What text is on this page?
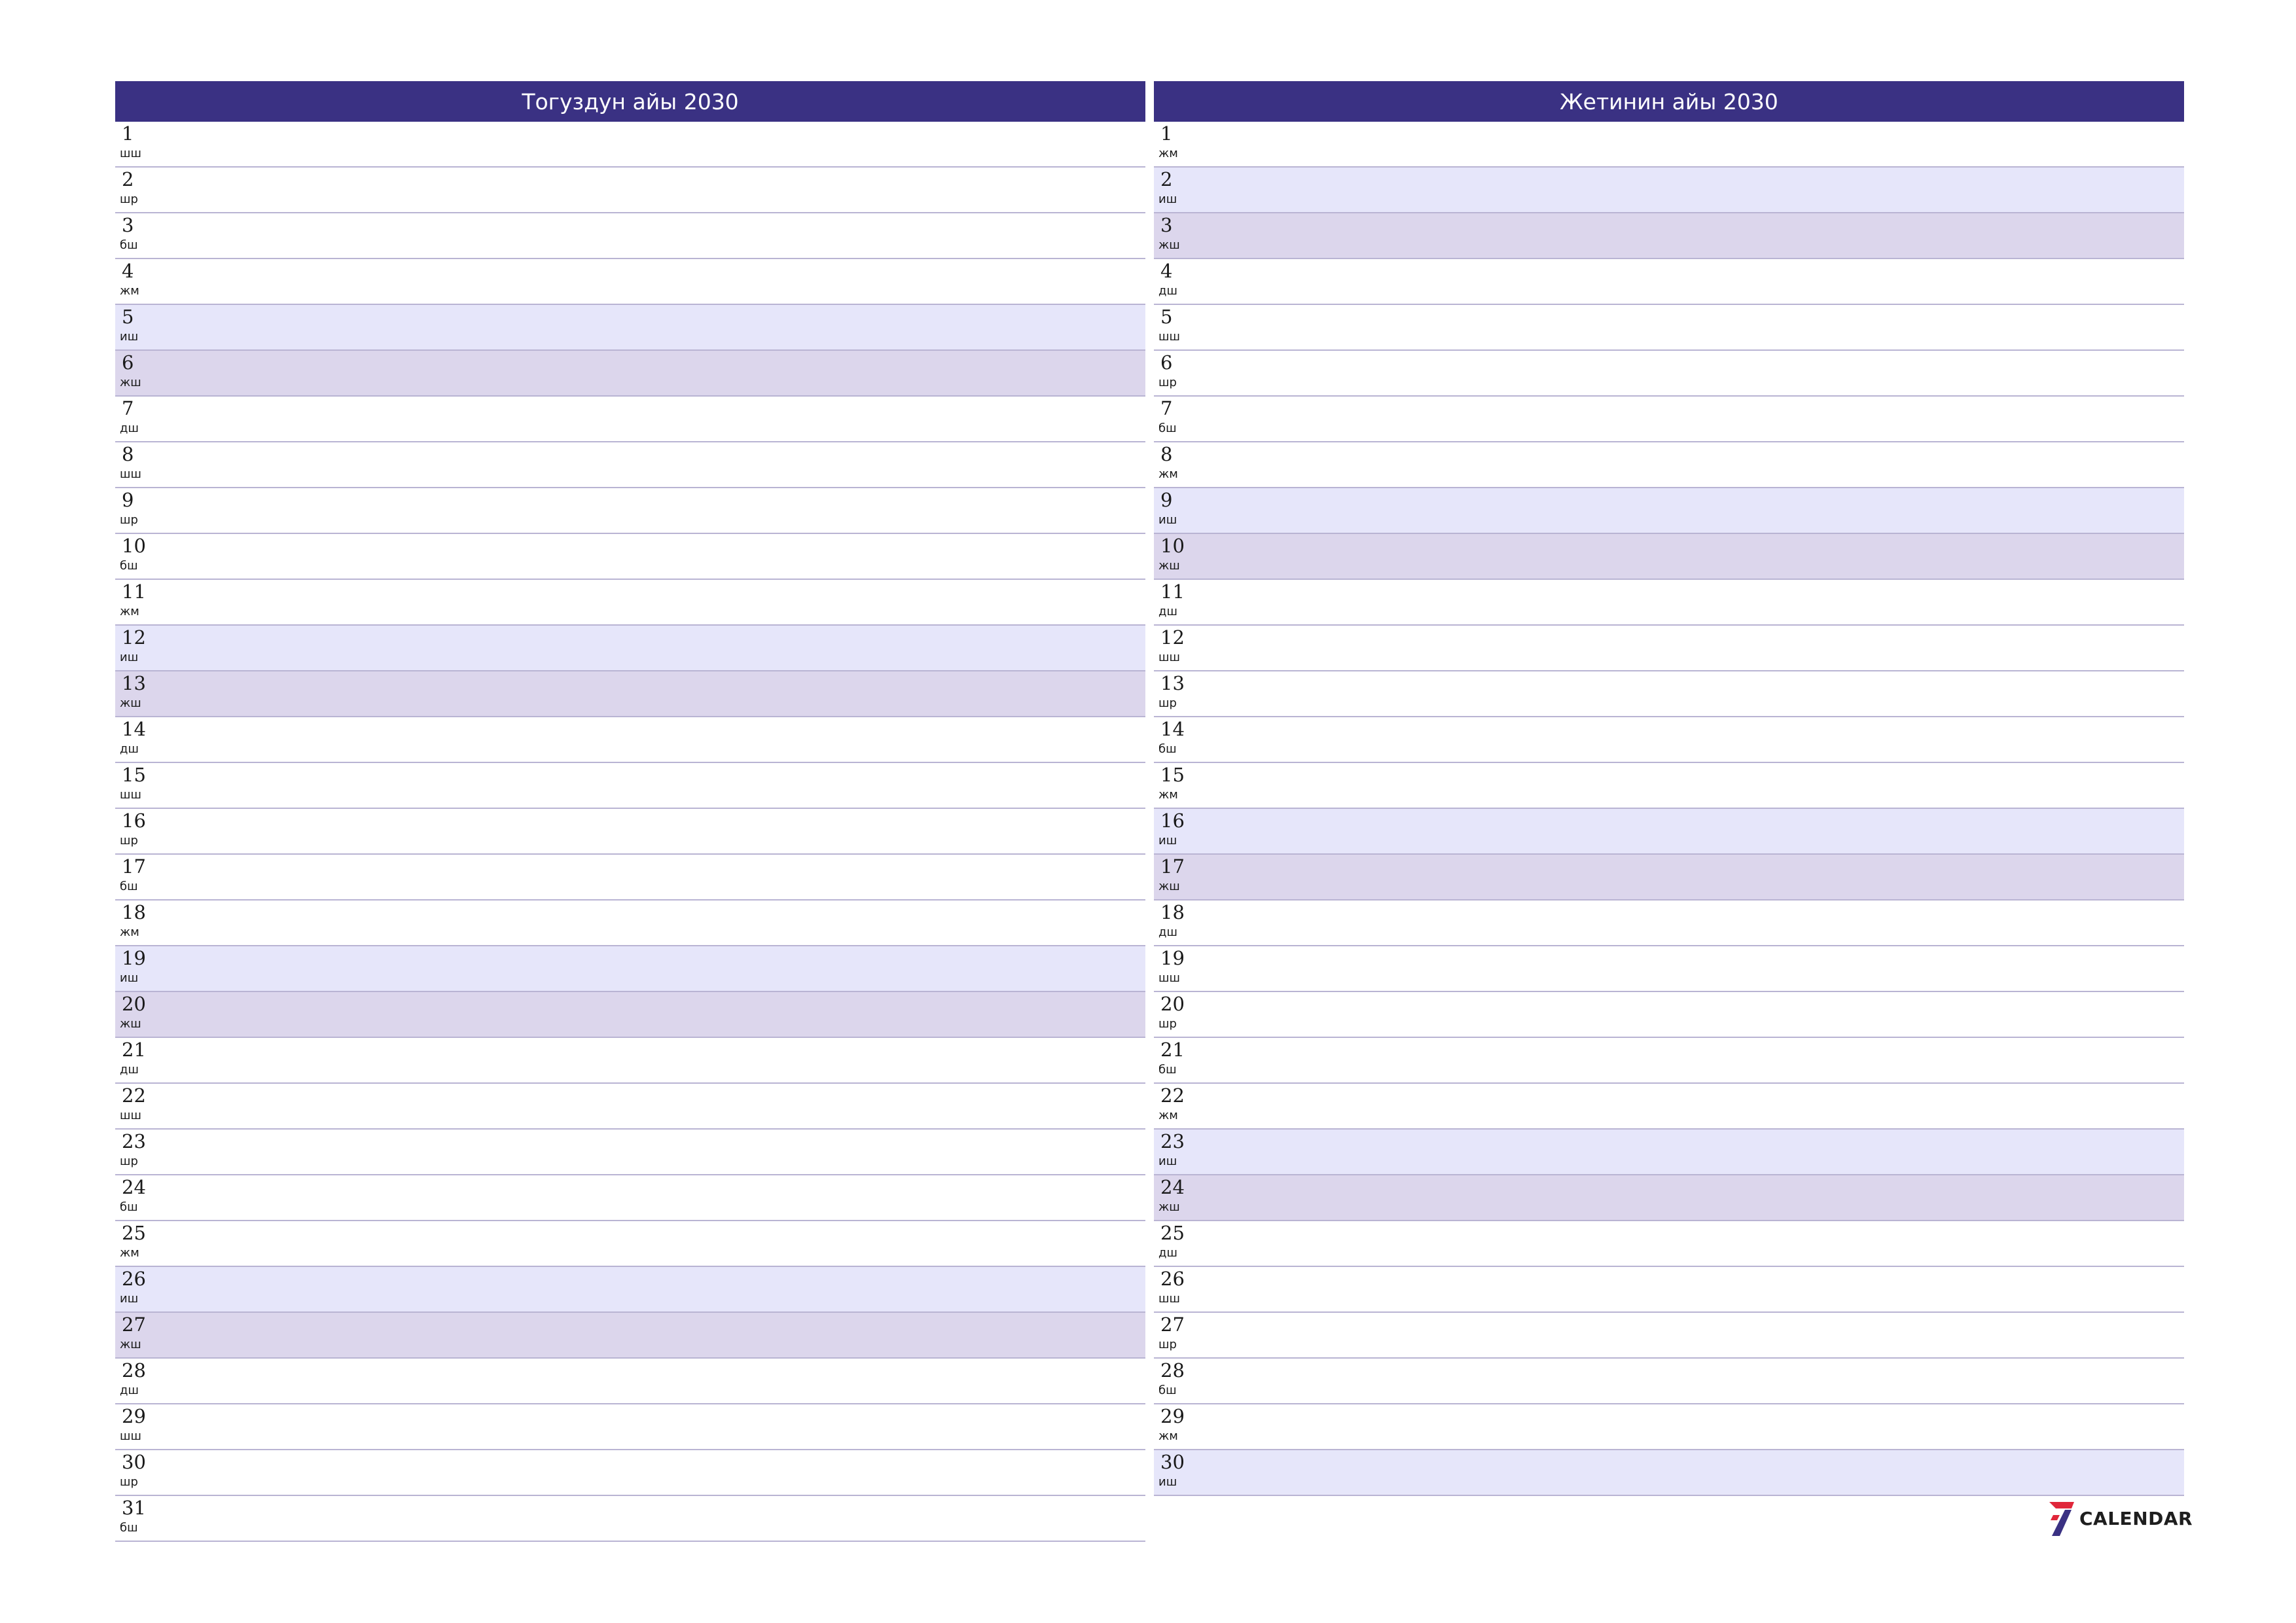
Тогуздун айы 2030
1
шш
2
шр
3
бш
4
жм
5
иш
6
жш
7
дш
8
шш
9
шр
10
бш
11
жм
12
иш
13
жш
14
дш
15
шш
16
шр
17
бш
18
жм
19
иш
20
жш
21
дш
22
шш
23
шр
24
бш
25
жм
26
иш
27
жш
28
дш
29
шш
30
шр
31
бш
Жетинин айы 2030
1
жм
2
иш
3
жш
4
дш
5
шш
6
шр
7
бш
8
жм
9
иш
10
жш
11
дш
12
шш
13
шр
14
бш
15
жм
16
иш
17
жш
18
дш
19
шш
20
шр
21
бш
22
жм
23
иш
24
жш
25
дш
26
шш
27
шр
28
бш
29
жм
30
иш
CALENDAR
